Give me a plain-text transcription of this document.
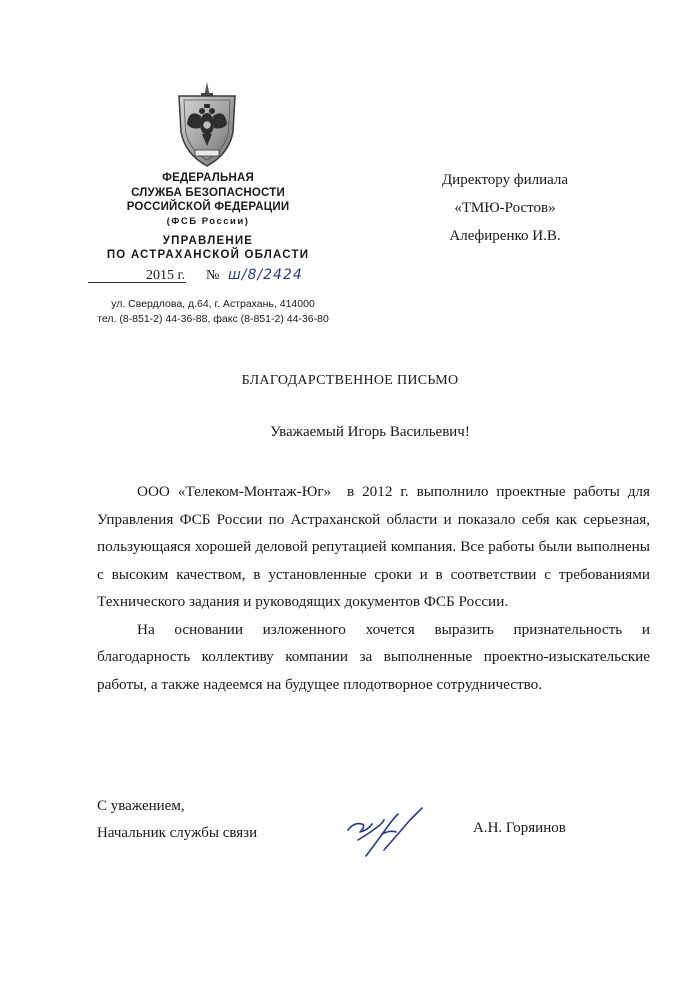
ФЕДЕРАЛЬНАЯ
СЛУЖБА БЕЗОПАСНОСТИ
РОССИЙСКОЙ ФЕДЕРАЦИИ
(ФСБ России)
УПРАВЛЕНИЕ
ПО АСТРАХАНСКОЙ ОБЛАСТИ
2015 г. № ш/8/2424
ул. Свердлова, д.64, г. Астрахань, 414000
тел. (8-851-2) 44-36-88, факс (8-851-2) 44-36-80
Директору филиала
«ТМЮ-Ростов»
Алефиренко И.В.
БЛАГОДАРСТВЕННОЕ ПИСЬМО
Уважаемый Игорь Васильевич!

ООО «Телеком-Монтаж-Юг»  в 2012 г. выполнило проектные работы для Управления ФСБ России по Астраханской области и показало себя как серьезная, пользующаяся хорошей деловой репутацией компания. Все работы были выполнены с высоким качеством, в установленные сроки и в соответствии с требованиями Технического задания и руководящих документов ФСБ России.

На основании изложенного хочется выразить признательность и благодарность коллективу компании за выполненные проектно-изыскательские работы, а также надеемся на будущее плодотворное сотрудничество.

С уважением,
Начальник службы связи	А.Н. Горяинов
